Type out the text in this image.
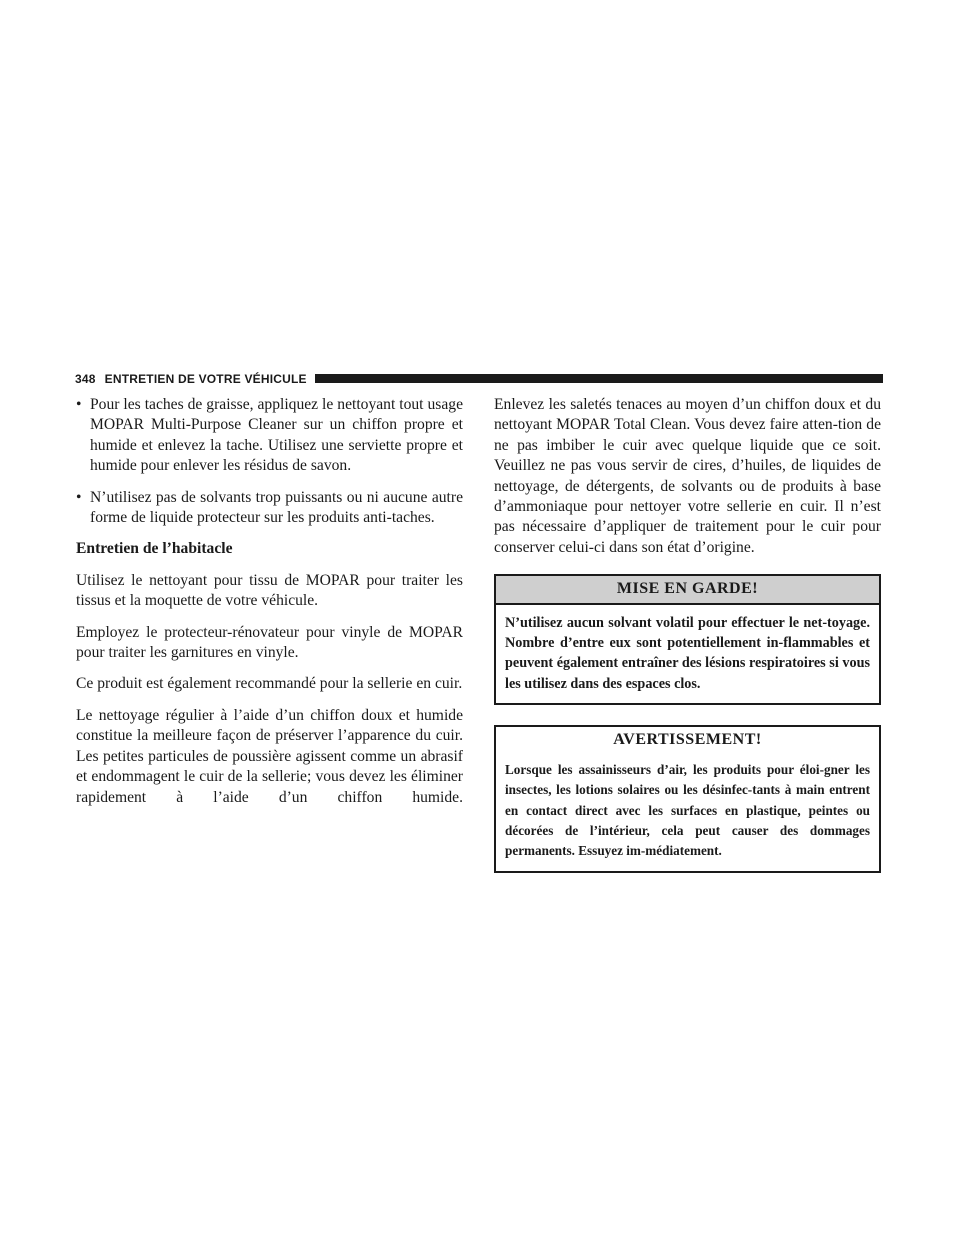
348 ENTRETIEN DE VOTRE VÉHICULE
• Pour les taches de graisse, appliquez le nettoyant tout usage MOPAR Multi-Purpose Cleaner sur un chiffon propre et humide et enlevez la tache. Utilisez une serviette propre et humide pour enlever les résidus de savon.
• N’utilisez pas de solvants trop puissants ou ni aucune autre forme de liquide protecteur sur les produits anti-taches.

Entretien de l’habitacle

Utilisez le nettoyant pour tissu de MOPAR pour traiter les tissus et la moquette de votre véhicule.

Employez le protecteur-rénovateur pour vinyle de MOPAR pour traiter les garnitures en vinyle.

Ce produit est également recommandé pour la sellerie en cuir.

Le nettoyage régulier à l’aide d’un chiffon doux et humide constitue la meilleure façon de préserver l’apparence du cuir. Les petites particules de poussière agissent comme un abrasif et endommagent le cuir de la sellerie; vous devez les éliminer rapidement à l’aide d’un chiffon humide.

Enlevez les saletés tenaces au moyen d’un chiffon doux et du nettoyant MOPAR Total Clean. Vous devez faire atten-tion de ne pas imbiber le cuir avec quelque liquide que ce soit. Veuillez ne pas vous servir de cires, d’huiles, de liquides de nettoyage, de détergents, de solvants ou de produits à base d’ammoniaque pour nettoyer votre sellerie en cuir. Il n’est pas nécessaire d’appliquer de traitement pour le cuir pour conserver celui-ci dans son état d’origine.

MISE EN GARDE!
N’utilisez aucun solvant volatil pour effectuer le net-toyage. Nombre d’entre eux sont potentiellement in-flammables et peuvent également entraîner des lésions respiratoires si vous les utilisez dans des espaces clos.
AVERTISSEMENT!
Lorsque les assainisseurs d’air, les produits pour éloi-gner les insectes, les lotions solaires ou les désinfec-tants à main entrent en contact direct avec les surfaces en plastique, peintes ou décorées de l’intérieur, cela peut causer des dommages permanents. Essuyez im-médiatement.
